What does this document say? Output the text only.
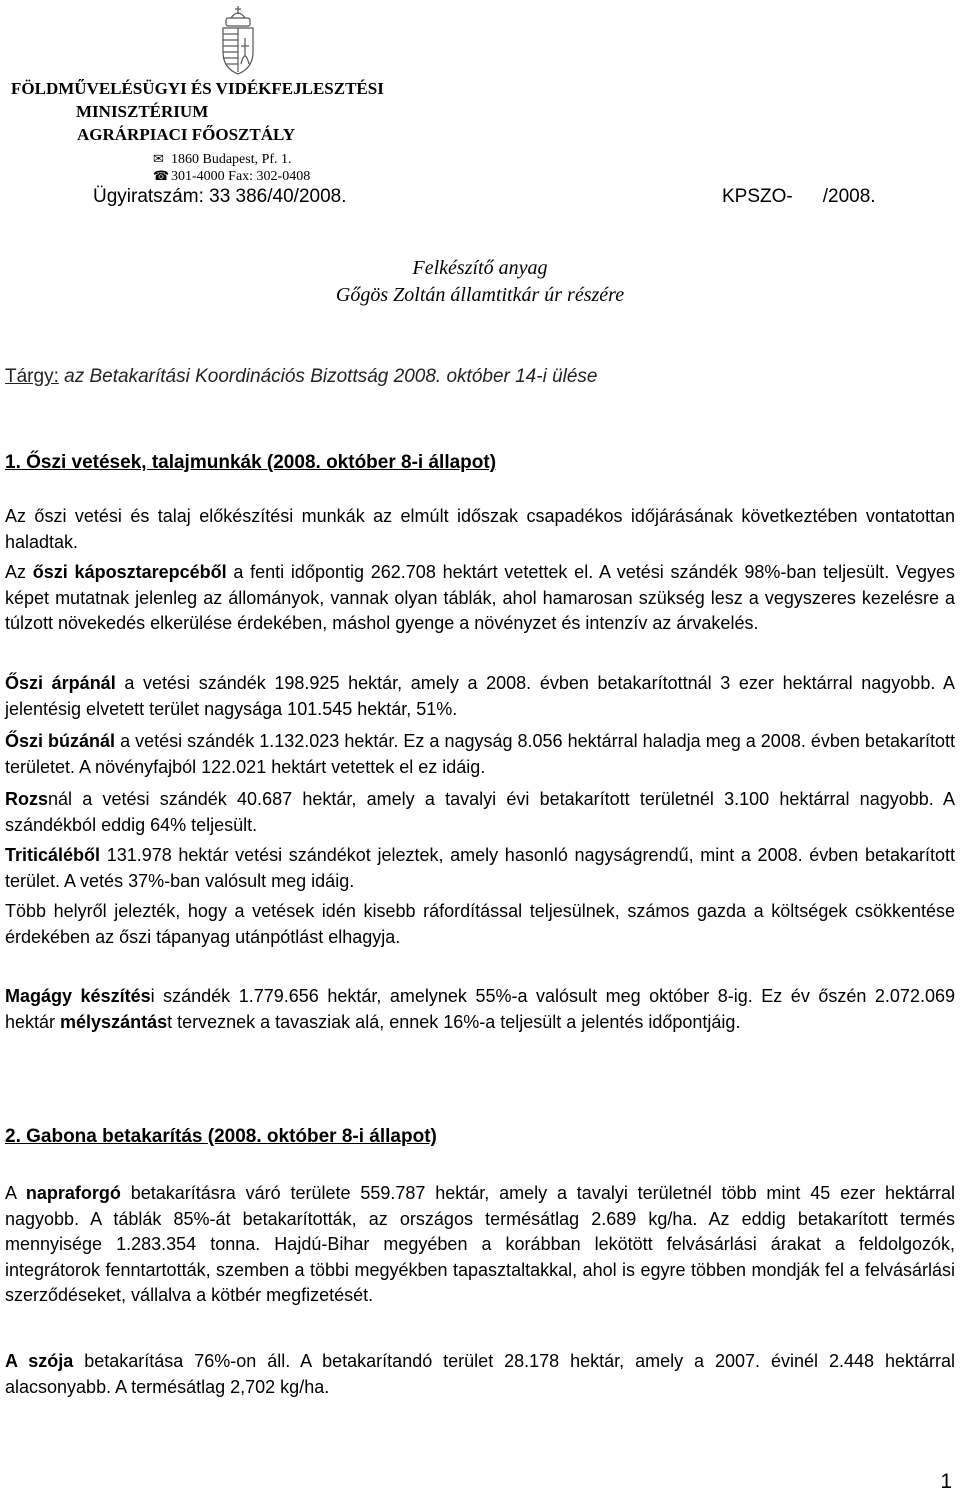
FÖLDMŰVELÉSÜGYI ÉS VIDÉKFEJLESZTÉSI
MINISZTÉRIUM
AGRÁRPIACI FŐOSZTÁLY
✉ 1860 Budapest, Pf. 1.
☎ 301-4000 Fax: 302-0408
Ügyiratszám: 33 386/40/2008.	KPSZO- /2008.
Felkészítő anyag
Gőgös Zoltán államtitkár úr részére
Tárgy: az Betakarítási Koordinációs Bizottság 2008. október 14-i ülése
1. Őszi vetések, talajmunkák (2008. október 8-i állapot)
Az őszi vetési és talaj előkészítési munkák az elmúlt időszak csapadékos időjárásának következtében vontatottan haladtak.
Az őszi káposztarepcéből a fenti időpontig 262.708 hektárt vetettek el. A vetési szándék 98%-ban teljesült. Vegyes képet mutatnak jelenleg az állományok, vannak olyan táblák, ahol hamarosan szükség lesz a vegyszeres kezelésre a túlzott növekedés elkerülése érdekében, máshol gyenge a növényzet és intenzív az árvakelés.
Őszi árpánál a vetési szándék 198.925 hektár, amely a 2008. évben betakarítottnál 3 ezer hektárral nagyobb. A jelentésig elvetett terület nagysága 101.545 hektár, 51%.
Őszi búzánál a vetési szándék 1.132.023 hektár. Ez a nagyság 8.056 hektárral haladja meg a 2008. évben betakarított területet. A növényfajból 122.021 hektárt vetettek el ez idáig.
Rozsnál a vetési szándék 40.687 hektár, amely a tavalyi évi betakarított területnél 3.100 hektárral nagyobb. A szándékból eddig 64% teljesült.
Triticáléből 131.978 hektár vetési szándékot jeleztek, amely hasonló nagyságrendű, mint a 2008. évben betakarított terület. A vetés 37%-ban valósult meg idáig.
Több helyről jelezték, hogy a vetések idén kisebb ráfordítással teljesülnek, számos gazda a költségek csökkentése érdekében az őszi tápanyag utánpótlást elhagyja.
Magágy készítési szándék 1.779.656 hektár, amelynek 55%-a valósult meg október 8-ig. Ez év őszén 2.072.069 hektár mélyszántást terveznek a tavasziak alá, ennek 16%-a teljesült a jelentés időpontjáig.
2. Gabona betakarítás (2008. október 8-i állapot)
A napraforgó betakarításra váró területe 559.787 hektár, amely a tavalyi területnél több mint 45 ezer hektárral nagyobb. A táblák 85%-át betakarították, az országos termésátlag 2.689 kg/ha. Az eddig betakarított termés mennyisége 1.283.354 tonna. Hajdú-Bihar megyében a korábban lekötött felvásárlási árakat a feldolgozók, integrátorok fenntartották, szemben a többi megyékben tapasztaltakkal, ahol is egyre többen mondják fel a felvásárlási szerződéseket, vállalva a kötbér megfizetését.
A szója betakarítása 76%-on áll. A betakarítandó terület 28.178 hektár, amely a 2007. évinél 2.448 hektárral alacsonyabb. A termésátlag 2,702 kg/ha.
1
